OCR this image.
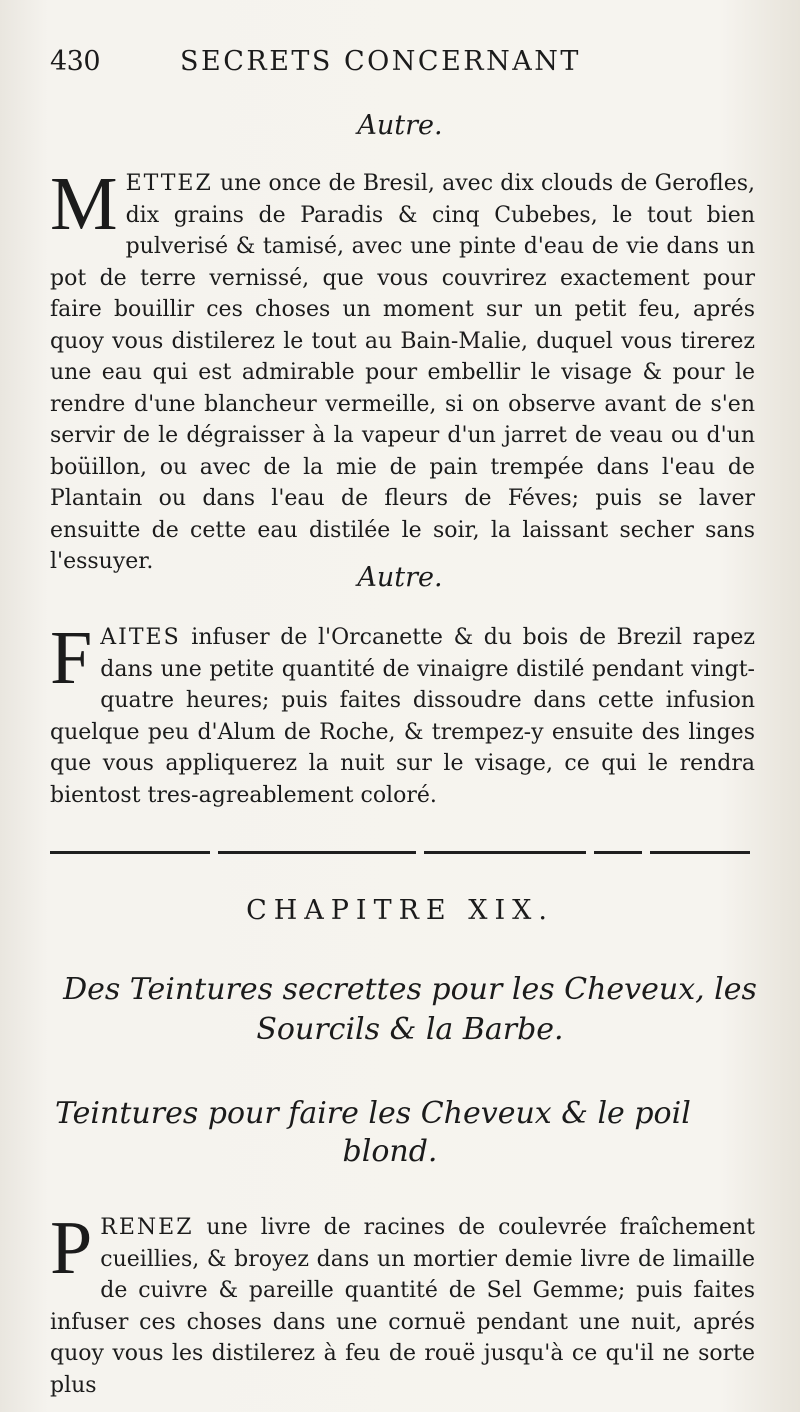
430	SECRETS CONCERNANT
Autre.
METTEZ une once de Bresil, avec dix clouds de Gerofles, dix grains de Paradis & cinq Cubebes, le tout bien pulverisé & tamisé, avec une pinte d'eau de vie dans un pot de terre vernissé, que vous couvrirez exactement pour faire bouillir ces choses un moment sur un petit feu, aprés quoy vous distilerez le tout au Bain-Malie, duquel vous tirerez une eau qui est admirable pour embellir le visage & pour le rendre d'une blancheur vermeille, si on observe avant de s'en servir de le dégraisser à la vapeur d'un jarret de veau ou d'un boüillon, ou avec de la mie de pain trempée dans l'eau de Plantain ou dans l'eau de fleurs de Féves; puis se laver ensuitte de cette eau distilée le soir, la laissant secher sans l'essuyer.
Autre.
FAITES infuser de l'Orcanette & du bois de Brezil rapez dans une petite quantité de vinaigre distilé pendant vingt-quatre heures; puis faites dissoudre dans cette infusion quelque peu d'Alum de Roche, & trempez-y ensuite des linges que vous appliquerez la nuit sur le visage, ce qui le rendra bientost tres-agreablement coloré.
CHAPITRE XIX.
Des Teintures secrettes pour les Cheveux, les Sourcils & la Barbe.
Teintures pour faire les Cheveux & le poil
blond.
PRENEZ une livre de racines de coulevrée fraîchement cueillies, & broyez dans un mortier demie livre de limaille de cuivre & pareille quantité de Sel Gemme; puis faites infuser ces choses dans une cornuë pendant une nuit, aprés quoy vous les distilerez à feu de rouë jusqu'à ce qu'il ne sorte plus
